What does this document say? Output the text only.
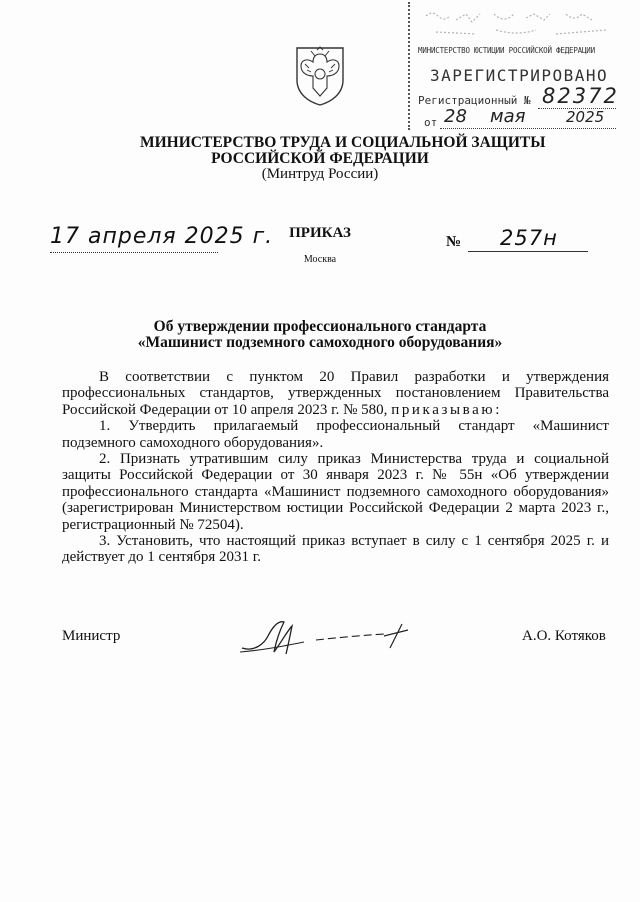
МИНИСТЕРСТВО ЮСТИЦИИ РОССИЙСКОЙ ФЕДЕРАЦИИ
ЗАРЕГИСТРИРОВАНО
Регистрационный № 82372
от 28 мая	2025
МИНИСТЕРСТВО ТРУДА И СОЦИАЛЬНОЙ ЗАЩИТЫ
РОССИЙСКОЙ ФЕДЕРАЦИИ
(Минтруд России)
17 апреля 2025 г.	ПРИКАЗ
Москва
№ 257н
Об утверждении профессионального стандарта
«Машинист подземного самоходного оборудования»

В соответствии с пунктом 20 Правил разработки и утверждения профессиональных стандартов, утвержденных постановлением Правительства Российской Федерации от 10 апреля 2023 г. № 580, приказываю:

1. Утвердить прилагаемый профессиональный стандарт «Машинист подземного самоходного оборудования».

2. Признать утратившим силу приказ Министерства труда и социальной защиты Российской Федерации от 30 января 2023 г. № 55н «Об утверждении профессионального стандарта «Машинист подземного самоходного оборудования» (зарегистрирован Министерством юстиции Российской Федерации 2 марта 2023 г., регистрационный № 72504).

3. Установить, что настоящий приказ вступает в силу с 1 сентября 2025 г. и действует до 1 сентября 2031 г.

Министр	А.О. Котяков
